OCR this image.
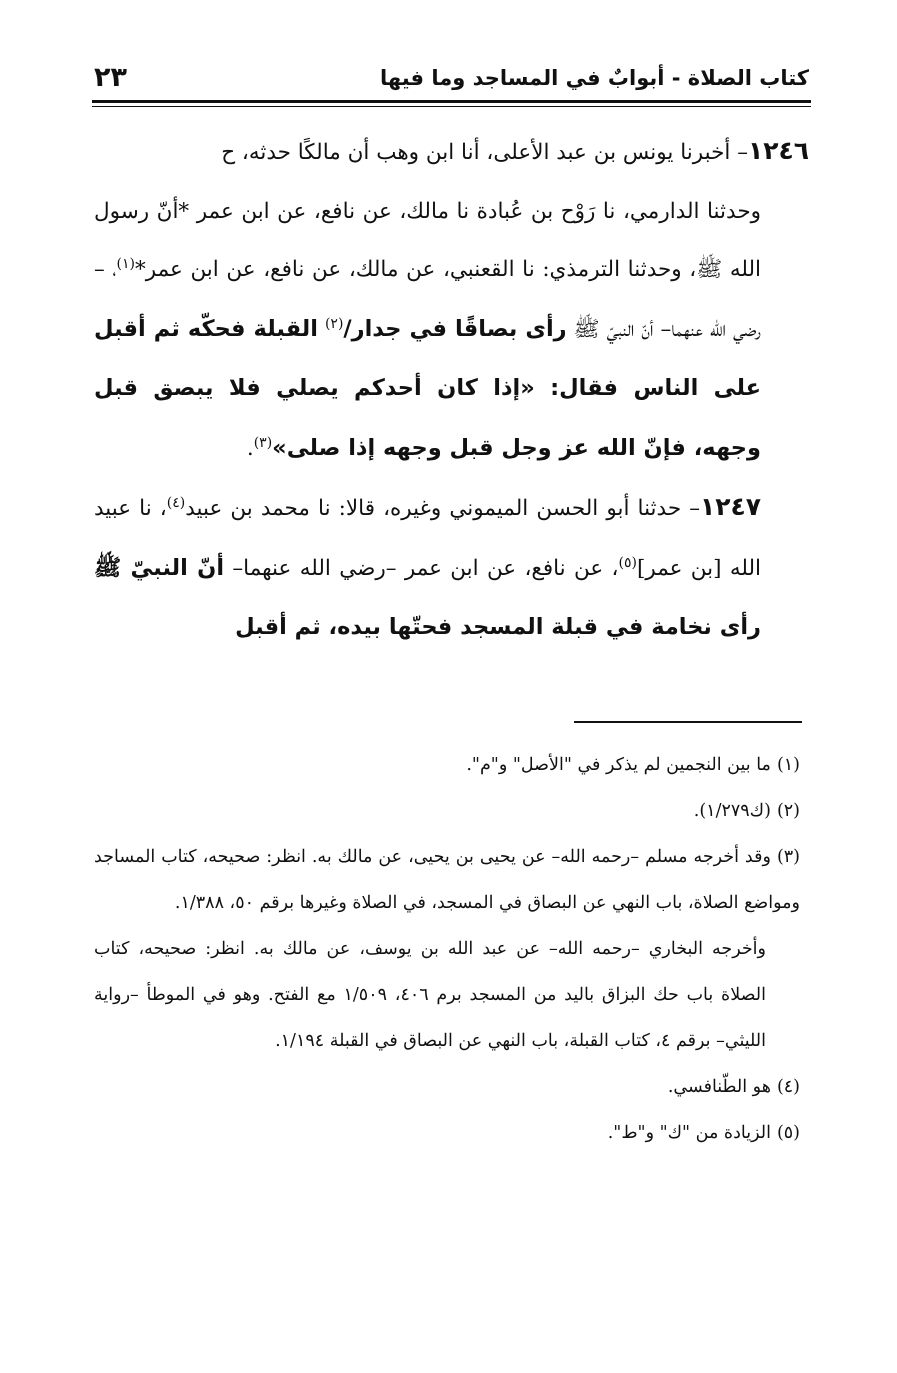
كتاب الصلاة - أبوابٌ في المساجد وما فيها
٢٣

١٢٤٦– أخبرنا يونس بن عبد الأعلى، أنا ابن وهب أن مالكًا حدثه، ح

وحدثنا الدارمي، نا رَوْح بن عُبادة نا مالك، عن نافع، عن ابن عمر *أنّ رسول الله ﷺ، وحدثنا الترمذي: نا القعنبي، عن مالك، عن نافع، عن ابن عمر*$^{(١)}$، –رضي الله عنهما– أنّ النبيّ ﷺ رأى بصاقًا في جدار/$^{(٢)}$ القبلة فحكّه ثم أقبل على الناس فقال: «إذا كان أحدكم يصلي فلا يبصق قبل وجهه، فإنّ الله عز وجل قبل وجهه إذا صلى»$^{(٣)}$.

١٢٤٧– حدثنا أبو الحسن الميموني وغيره، قالا: نا محمد بن عبيد$^{(٤)}$، نا عبيد الله [بن عمر]$^{(٥)}$، عن نافع، عن ابن عمر –رضي الله عنهما– أنّ النبيّ ﷺ رأى نخامة في قبلة المسجد فحتّها بيده، ثم أقبل

(١)ما بين النجمين لم يذكر في "الأصل" و"م".

(٢)(ك١/٢٧٩).

(٣)وقد أخرجه مسلم –رحمه الله– عن يحيى بن يحيى، عن مالك به. انظر: صحيحه، كتاب المساجد ومواضع الصلاة، باب النهي عن البصاق في المسجد، في الصلاة وغيرها برقم ٥٠، ١/٣٨٨.

وأخرجه البخاري –رحمه الله– عن عبد الله بن يوسف، عن مالك به. انظر: صحيحه، كتاب الصلاة باب حك البزاق باليد من المسجد برم ٤٠٦، ١/٥٠٩ مع الفتح. وهو في الموطأ –رواية الليثي– برقم ٤، كتاب القبلة، باب النهي عن البصاق في القبلة ١/١٩٤.

(٤)هو الطّنافسي.

(٥)الزيادة من "ك" و"ط".
